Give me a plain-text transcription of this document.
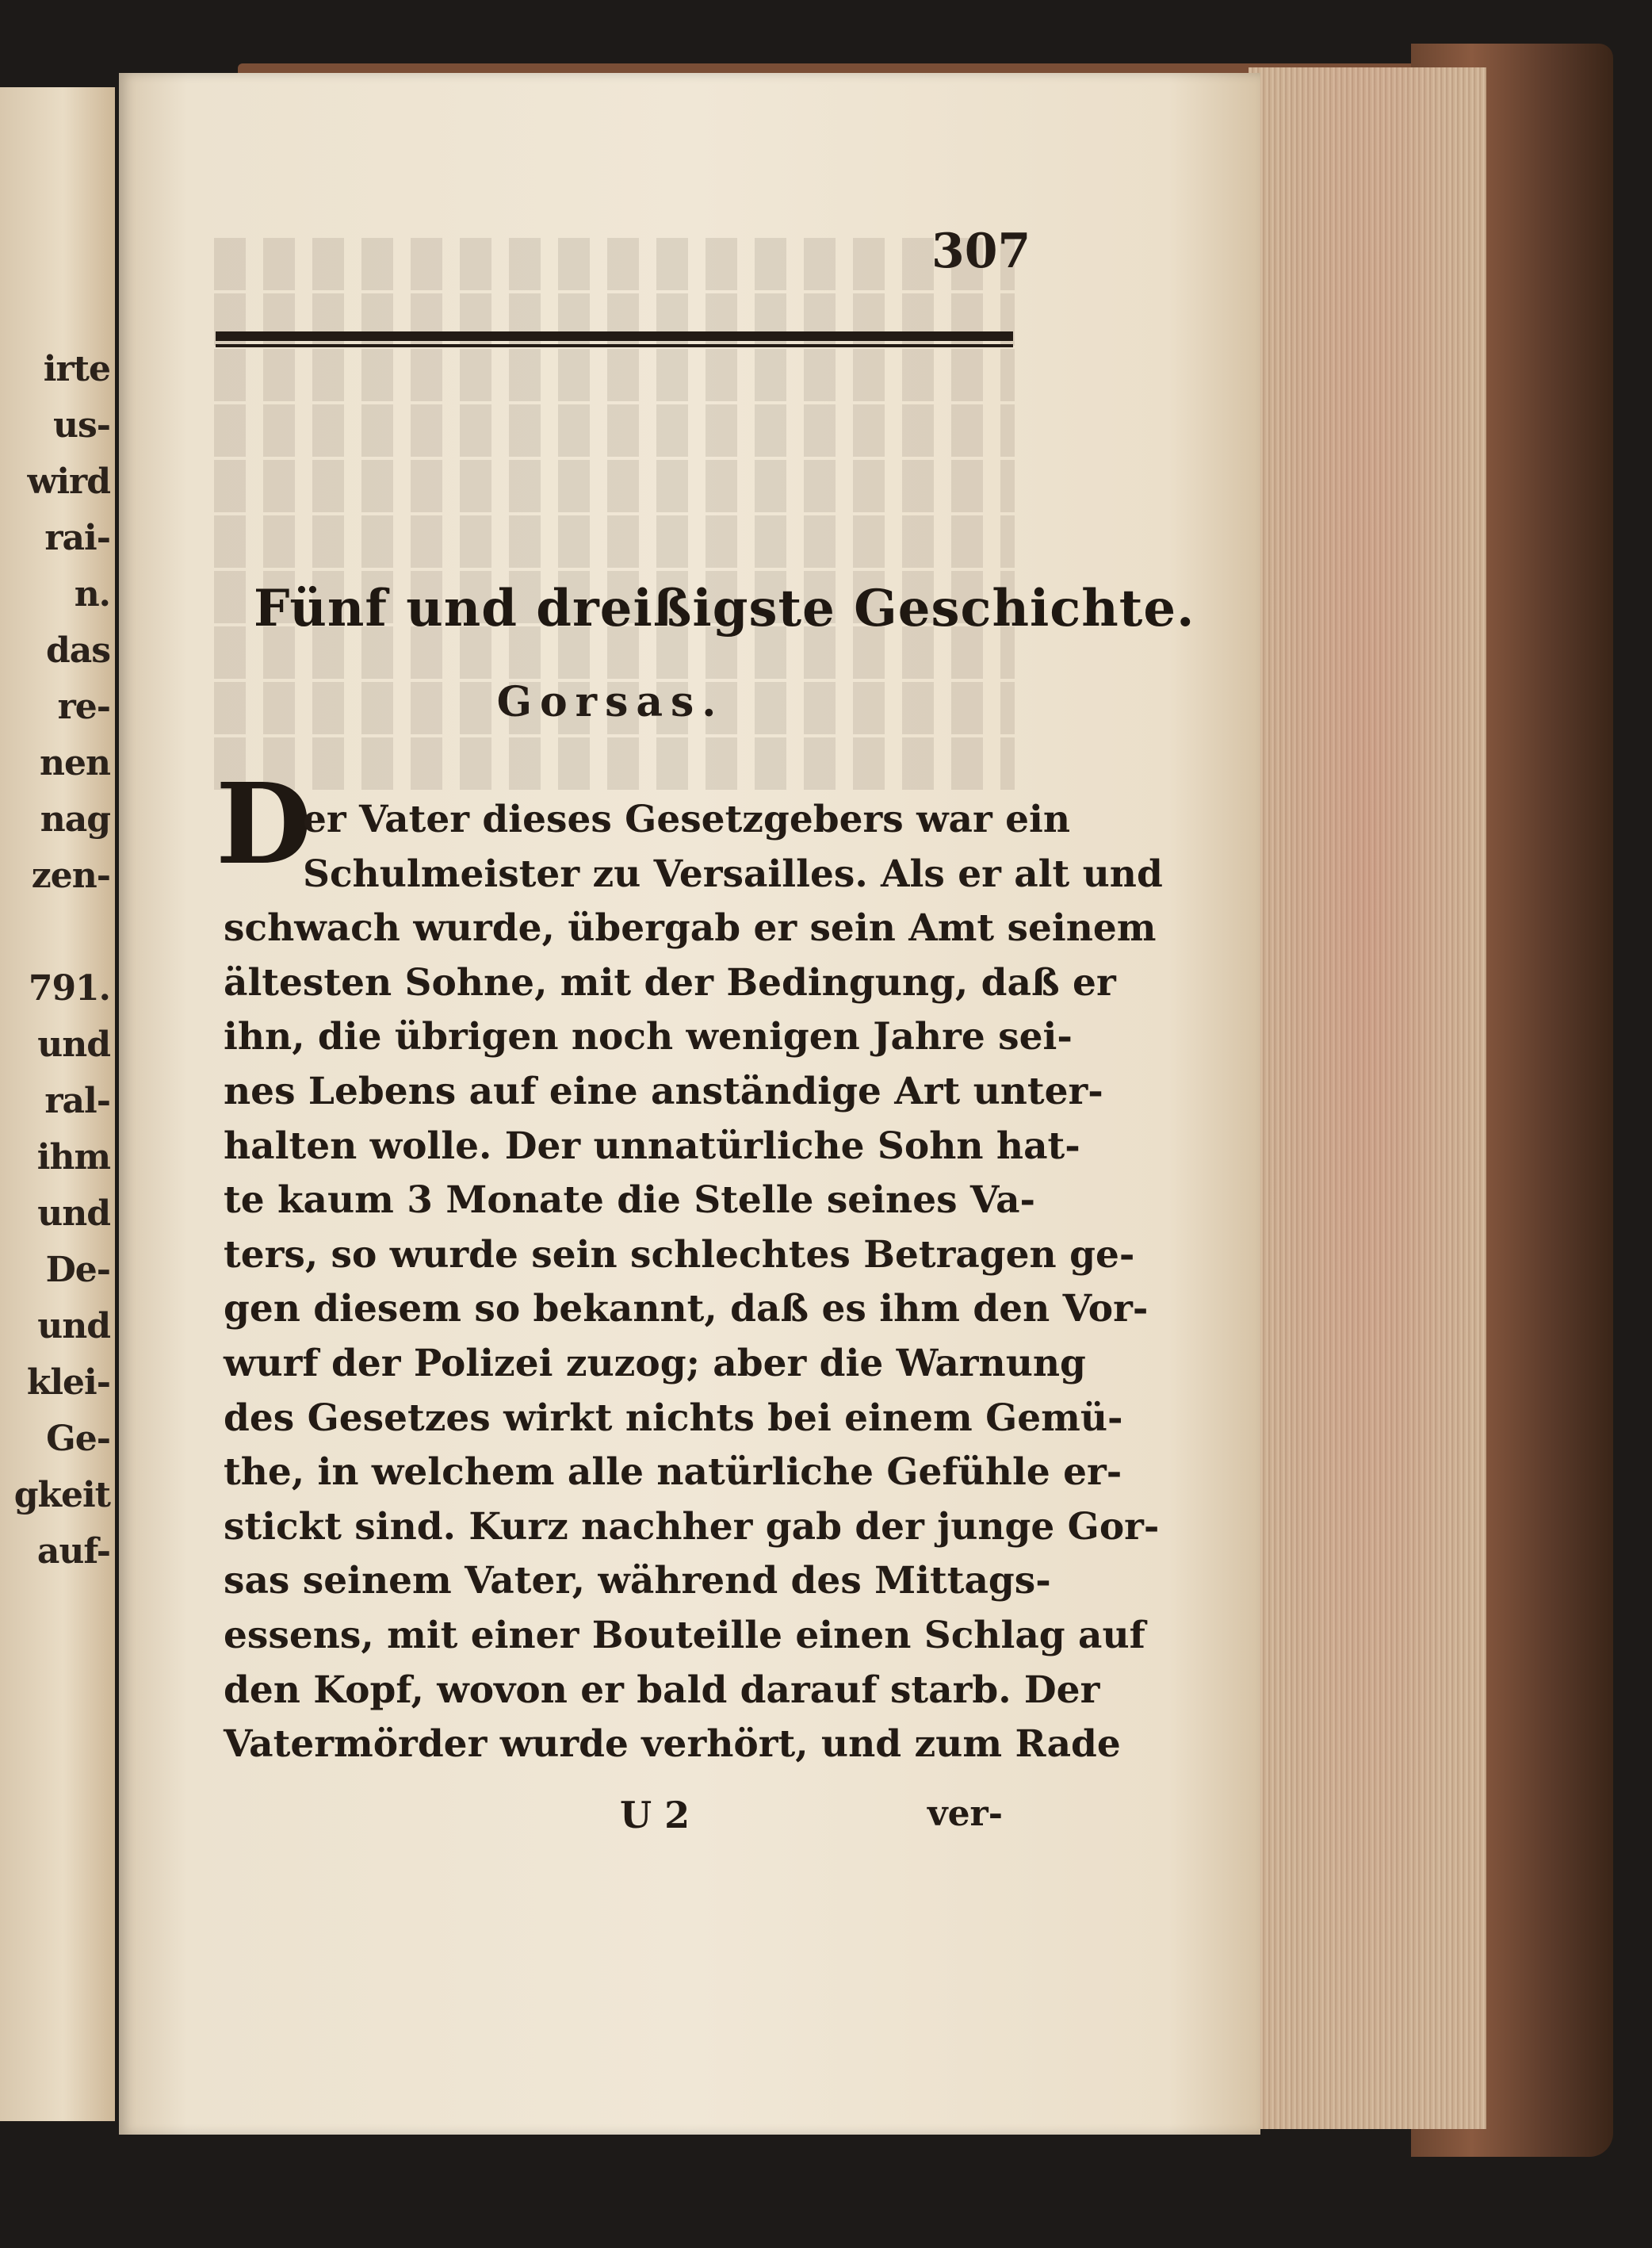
irte
us-
wird
rai-
n.
das
re-
nen
nag
zen-
791.
und
ral-
ihm
und
De-
und
klei-
Ge-
gkeit
auf-
307
Fünf und dreißigste Geschichte.
Gorsas.
D
er Vater dieses Gesetzgebers war ein
Schulmeister zu Versailles. Als er alt und
schwach wurde, übergab er sein Amt seinem
ältesten Sohne, mit der Bedingung, daß er
ihn, die übrigen noch wenigen Jahre sei-
nes Lebens auf eine anständige Art unter-
halten wolle. Der unnatürliche Sohn hat-
te kaum 3 Monate die Stelle seines Va-
ters, so wurde sein schlechtes Betragen ge-
gen diesem so bekannt, daß es ihm den Vor-
wurf der Polizei zuzog; aber die Warnung
des Gesetzes wirkt nichts bei einem Gemü-
the, in welchem alle natürliche Gefühle er-
stickt sind. Kurz nachher gab der junge Gor-
sas seinem Vater, während des Mittags-
essens, mit einer Bouteille einen Schlag auf
den Kopf, wovon er bald darauf starb. Der
Vatermörder wurde verhört, und zum Rade
U 2	ver-
